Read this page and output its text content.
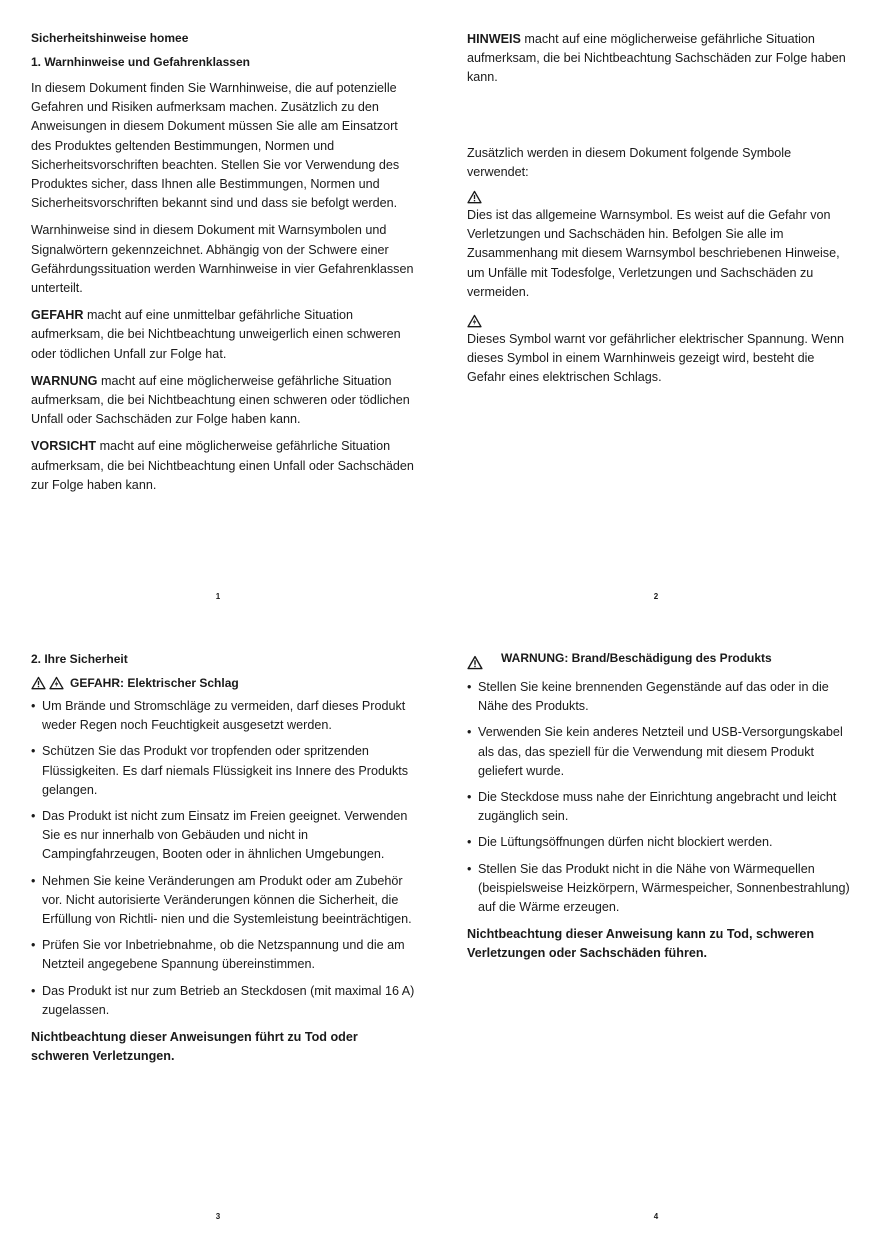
Sicherheitshinweise homee
1. Warnhinweise und Gefahrenklassen

In diesem Dokument finden Sie Warnhinweise, die auf potenzielle Gefahren und Risiken aufmerksam machen. Zusätzlich zu den Anweisungen in diesem Dokument müssen Sie alle am Einsatzort des Produktes geltenden Bestimmungen, Normen und Sicherheitsvorschriften beachten. Stellen Sie vor Verwendung des Produktes sicher, dass Ihnen alle Bestimmungen, Normen und Sicherheitsvorschriften bekannt sind und dass sie befolgt werden.

Warnhinweise sind in diesem Dokument mit Warnsymbolen und Signalwörtern gekennzeichnet. Abhängig von der Schwere einer Gefährdungssituation werden Warnhinweise in vier Gefahrenklassen unterteilt.

GEFAHR macht auf eine unmittelbar gefährliche Situation aufmerksam, die bei Nichtbeachtung unweigerlich einen schweren oder tödlichen Unfall zur Folge hat.

WARNUNG macht auf eine möglicherweise gefährliche Situation aufmerksam, die bei Nichtbeachtung einen schweren oder tödlichen Unfall oder Sachschäden zur Folge haben kann.

VORSICHT macht auf eine möglicherweise gefährliche Situation aufmerksam, die bei Nichtbeachtung einen Unfall oder Sachschäden zur Folge haben kann.

1

HINWEIS macht auf eine möglicherweise gefährliche Situation aufmerksam, die bei Nichtbeachtung Sachschäden zur Folge haben kann.

Zusätzlich werden in diesem Dokument folgende Symbole verwendet:

Dies ist das allgemeine Warnsymbol. Es weist auf die Gefahr von Verletzungen und Sachschäden hin. Befolgen Sie alle im Zusammenhang mit diesem Warnsymbol beschriebenen Hinweise, um Unfälle mit Todesfolge, Verletzungen und Sachschäden zu vermeiden.

Dieses Symbol warnt vor gefährlicher elektrischer Spannung. Wenn dieses Symbol in einem Warnhinweis gezeigt wird, besteht die Gefahr eines elektrischen Schlags.

2
2. Ihre Sicherheit
GEFAHR: Elektrischer Schlag
• Um Brände und Stromschläge zu vermeiden, darf dieses Produkt weder Regen noch Feuchtigkeit ausgesetzt werden.
• Schützen Sie das Produkt vor tropfenden oder spritzenden Flüssigkeiten. Es darf niemals Flüssigkeit ins Innere des Produkts gelangen.
• Das Produkt ist nicht zum Einsatz im Freien geeignet. Verwenden Sie es nur innerhalb von Gebäuden und nicht in Campingfahrzeugen, Booten oder in ähnlichen Umgebungen.
• Nehmen Sie keine Veränderungen am Produkt oder am Zubehör vor. Nicht autorisierte Veränderungen können die Sicherheit, die Erfüllung von Richtli- nien und die Systemleistung beeinträchtigen.
• Prüfen Sie vor Inbetriebnahme, ob die Netzspannung und die am Netzteil angegebene Spannung übereinstimmen.
• Das Produkt ist nur zum Betrieb an Steckdosen (mit maximal 16 A) zugelassen.

Nichtbeachtung dieser Anweisungen führt zu Tod oder schweren Verletzungen.

3
WARNUNG: Brand/Beschädigung des Produkts
• Stellen Sie keine brennenden Gegenstände auf das oder in die Nähe des Produkts.
• Verwenden Sie kein anderes Netzteil und USB-Versorgungskabel als das, das speziell für die Verwendung mit diesem Produkt geliefert wurde.
• Die Steckdose muss nahe der Einrichtung angebracht und leicht zugänglich sein.
• Die Lüftungsöffnungen dürfen nicht blockiert werden.
• Stellen Sie das Produkt nicht in die Nähe von Wärmequellen (beispielsweise Heizkörpern, Wärmespeicher, Sonnenbestrahlung) auf die Wärme erzeugen.

Nichtbeachtung dieser Anweisung kann zu Tod, schweren Verletzungen oder Sachschäden führen.

4
